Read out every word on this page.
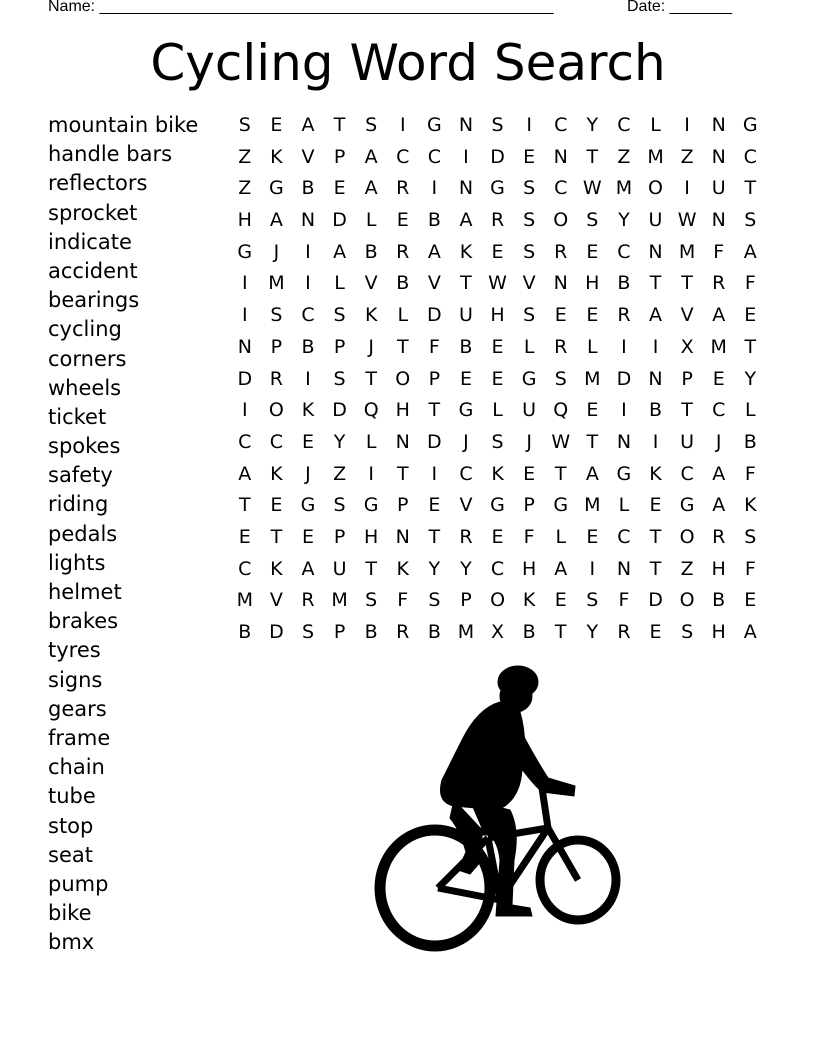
Name: ___________________________________________________	Date: _______
Cycling Word Search
mountain bike
handle bars
reflectors
sprocket
indicate
accident
bearings
cycling
corners
wheels
ticket
spokes
safety
riding
pedals
lights
helmet
brakes
tyres
signs
gears
frame
chain
tube
stop
seat
pump
bike
bmx
S	E	A	T	S	I	G N S	I	C	Y	C	L	I	N G
Z K V	P	A C C	I	D E N T	Z M Z N C
Z G B	E	A R	I	N G S C W M O	I	U T
H A N D L	E	B A R S O S	Y U W N S
G	J	I	A B R A K	E	S R E C N M F	A
I	M	I	L	V B V	T W V N H B	T	T	R	F
I	S C S	K	L D U H S	E	E R A V A	E
N P	B	P	J	T	F	B	E	L	R	L	I	I	X M T
D R	I	S	T O P	E	E G S M D N P	E	Y
I	O K D Q H T G L	U Q E	I	B	T	C	L
C C E	Y	L	N D	J	S	J	W T N	I	U	J	B
A K	J	Z	I	T	I	C K	E	T	A G K C A	F
T	E G S G P	E	V G P G M L	E G A K
E	T	E	P H N T	R E	F	L	E C	T O R S
C K A U T	K	Y	Y	C H A	I	N T	Z H F
M V R M S	F	S	P O K	E	S	F D O B	E
B D S	P	B R B M X B	T	Y	R E	S H A
